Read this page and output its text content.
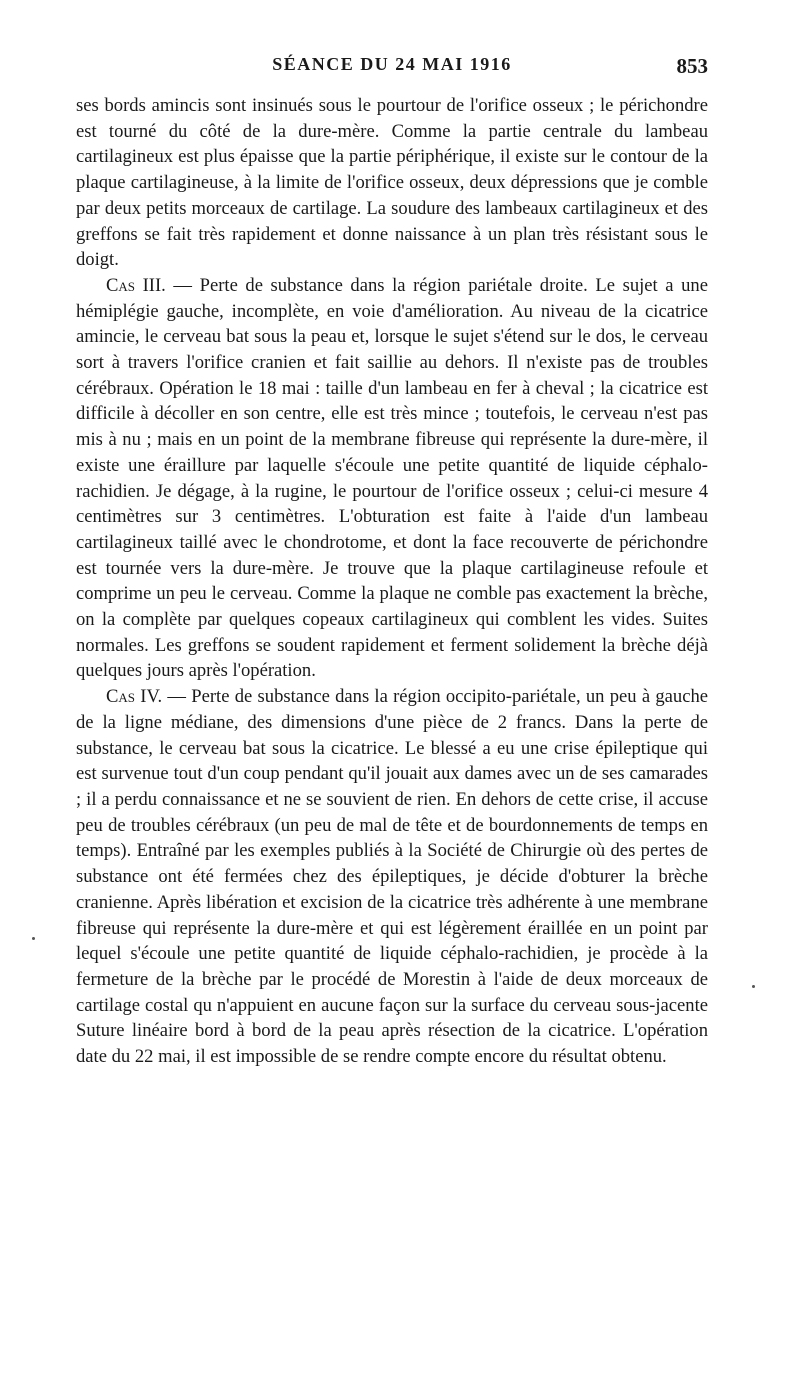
SÉANCE DU 24 MAI 1916	853

ses bords amincis sont insinués sous le pourtour de l'orifice osseux ; le périchondre est tourné du côté de la dure-mère. Comme la partie centrale du lambeau cartilagineux est plus épaisse que la partie périphérique, il existe sur le contour de la plaque cartilagineuse, à la limite de l'orifice osseux, deux dépressions que je comble par deux petits morceaux de cartilage. La soudure des lambeaux cartilagineux et des greffons se fait très rapidement et donne naissance à un plan très résistant sous le doigt.

Cas III. — Perte de substance dans la région pariétale droite. Le sujet a une hémiplégie gauche, incomplète, en voie d'amélioration. Au niveau de la cicatrice amincie, le cerveau bat sous la peau et, lorsque le sujet s'étend sur le dos, le cerveau sort à travers l'orifice cranien et fait saillie au dehors. Il n'existe pas de troubles cérébraux. Opération le 18 mai : taille d'un lambeau en fer à cheval ; la cicatrice est difficile à décoller en son centre, elle est très mince ; toutefois, le cerveau n'est pas mis à nu ; mais en un point de la membrane fibreuse qui représente la dure-mère, il existe une éraillure par laquelle s'écoule une petite quantité de liquide céphalo-rachidien. Je dégage, à la rugine, le pourtour de l'orifice osseux ; celui-ci mesure 4 centimètres sur 3 centimètres. L'obturation est faite à l'aide d'un lambeau cartilagineux taillé avec le chondrotome, et dont la face recouverte de périchondre est tournée vers la dure-mère. Je trouve que la plaque cartilagineuse refoule et comprime un peu le cerveau. Comme la plaque ne comble pas exactement la brèche, on la complète par quelques copeaux cartilagineux qui comblent les vides. Suites normales. Les greffons se soudent rapidement et ferment solidement la brèche déjà quelques jours après l'opération.

Cas IV. — Perte de substance dans la région occipito-pariétale, un peu à gauche de la ligne médiane, des dimensions d'une pièce de 2 francs. Dans la perte de substance, le cerveau bat sous la cicatrice. Le blessé a eu une crise épileptique qui est survenue tout d'un coup pendant qu'il jouait aux dames avec un de ses camarades ; il a perdu connaissance et ne se souvient de rien. En dehors de cette crise, il accuse peu de troubles cérébraux (un peu de mal de tête et de bourdonnements de temps en temps). Entraîné par les exemples publiés à la Société de Chirurgie où des pertes de substance ont été fermées chez des épileptiques, je décide d'obturer la brèche cranienne. Après libération et excision de la cicatrice très adhérente à une membrane fibreuse qui représente la dure-mère et qui est légèrement éraillée en un point par lequel s'écoule une petite quantité de liquide céphalo-rachidien, je procède à la fermeture de la brèche par le procédé de Morestin à l'aide de deux morceaux de cartilage costal qu n'appuient en aucune façon sur la surface du cerveau sous-jacente Suture linéaire bord à bord de la peau après résection de la cicatrice. L'opération date du 22 mai, il est impossible de se rendre compte encore du résultat obtenu.
